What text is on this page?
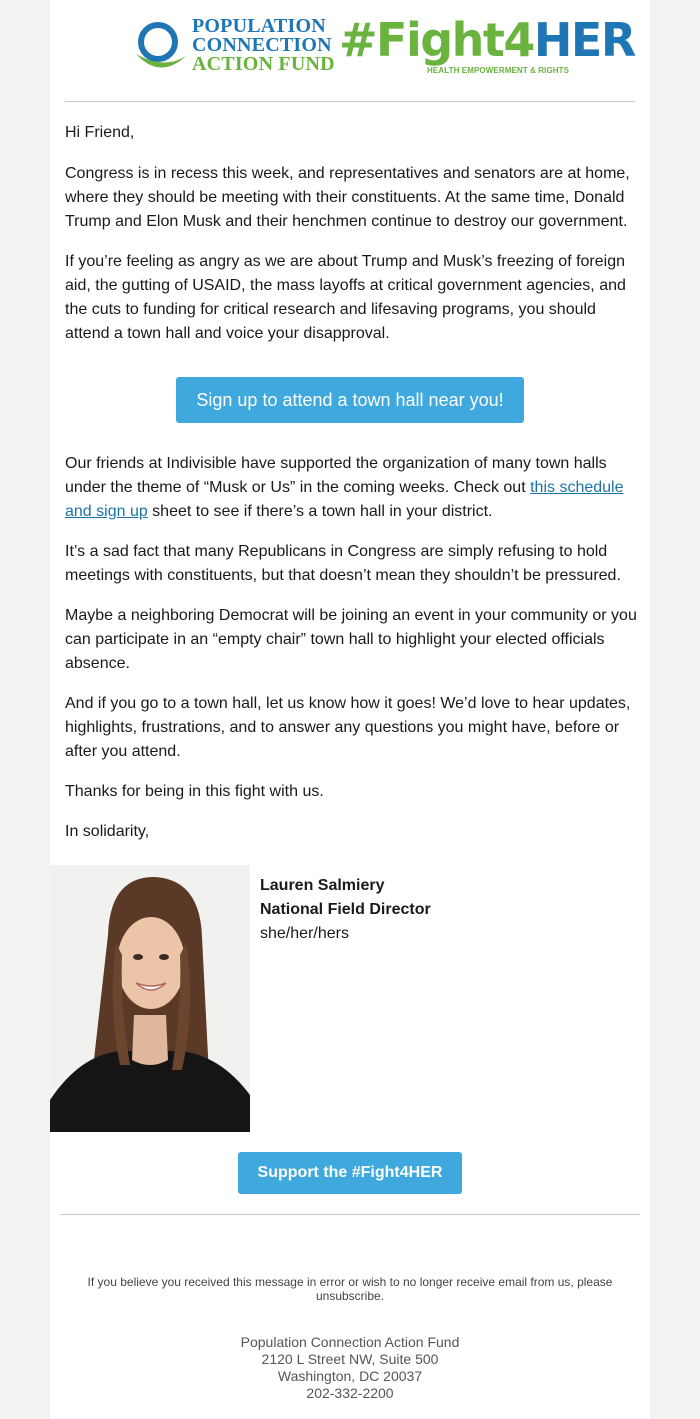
POPULATION
CONNECTION
ACTION FUND #Fight4HER
HEALTH EMPOWERMENT & RIGHTS

Hi Friend,

Congress is in recess this week, and representatives and senators are at home, where they should be meeting with their constituents. At the same time, Donald Trump and Elon Musk and their henchmen continue to destroy our government.

If you’re feeling as angry as we are about Trump and Musk’s freezing of foreign aid, the gutting of USAID, the mass layoffs at critical government agencies, and the cuts to funding for critical research and lifesaving programs, you should attend a town hall and voice your disapproval.

Sign up to attend a town hall near you!

Our friends at Indivisible have supported the organization of many town halls under the theme of “Musk or Us” in the coming weeks. Check out this schedule and sign up sheet to see if there’s a town hall in your district.

It’s a sad fact that many Republicans in Congress are simply refusing to hold meetings with constituents, but that doesn’t mean they shouldn’t be pressured.

Maybe a neighboring Democrat will be joining an event in your community or you can participate in an “empty chair” town hall to highlight your elected officials absence.

And if you go to a town hall, let us know how it goes! We’d love to hear updates, highlights, frustrations, and to answer any questions you might have, before or after you attend.

Thanks for being in this fight with us.

In solidarity,

Lauren Salmiery
National Field Director
she/her/hers
Support the #Fight4HER
If you believe you received this message in error or wish to no longer receive email from us, please unsubscribe.
Population Connection Action Fund
2120 L Street NW, Suite 500
Washington, DC 20037
202-332-2200
